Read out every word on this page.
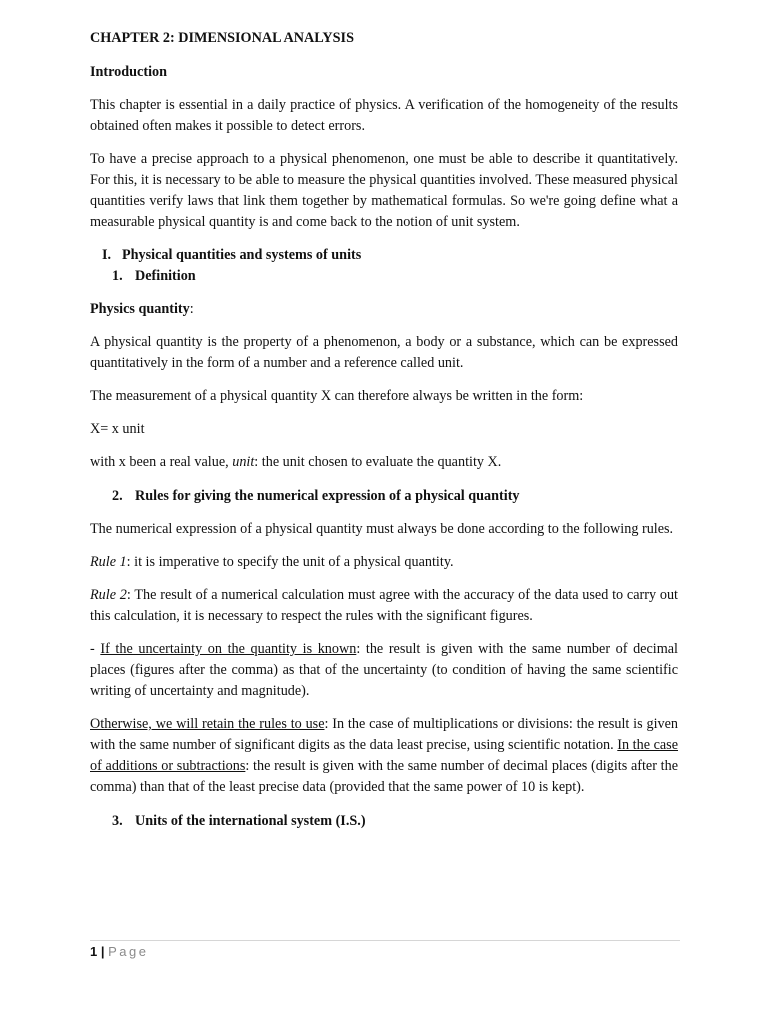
CHAPTER 2: DIMENSIONAL ANALYSIS

Introduction

This chapter is essential in a daily practice of physics. A verification of the homogeneity of the results obtained often makes it possible to detect errors.

To have a precise approach to a physical phenomenon, one must be able to describe it quantitatively. For this, it is necessary to be able to measure the physical quantities involved. These measured physical quantities verify laws that link them together by mathematical formulas. So we're going define what a measurable physical quantity is and come back to the notion of unit system.

I. Physical quantities and systems of units

1. Definition

Physics quantity:

A physical quantity is the property of a phenomenon, a body or a substance, which can be expressed quantitatively in the form of a number and a reference called unit.

The measurement of a physical quantity X can therefore always be written in the form:

X= x unit

with x been a real value, unit: the unit chosen to evaluate the quantity X.

2. Rules for giving the numerical expression of a physical quantity

The numerical expression of a physical quantity must always be done according to the following rules.

Rule 1: it is imperative to specify the unit of a physical quantity.

Rule 2: The result of a numerical calculation must agree with the accuracy of the data used to carry out this calculation, it is necessary to respect the rules with the significant figures.

- If the uncertainty on the quantity is known: the result is given with the same number of decimal places (figures after the comma) as that of the uncertainty (to condition of having the same scientific writing of uncertainty and magnitude).

Otherwise, we will retain the rules to use: In the case of multiplications or divisions: the result is given with the same number of significant digits as the data least precise, using scientific notation. In the case of additions or subtractions: the result is given with the same number of decimal places (digits after the comma) than that of the least precise data (provided that the same power of 10 is kept).

3. Units of the international system (I.S.)

1 | Page
